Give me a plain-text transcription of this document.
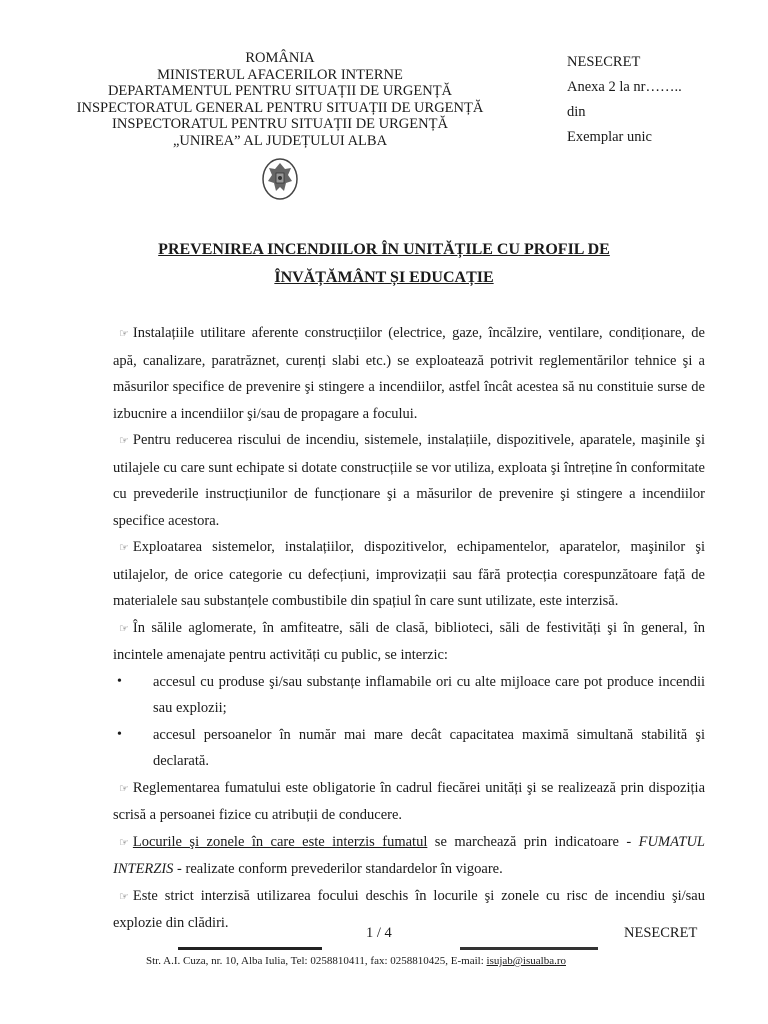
ROMÂNIA
MINISTERUL AFACERILOR INTERNE
DEPARTAMENTUL PENTRU SITUAȚII DE URGENȚĂ
INSPECTORATUL GENERAL PENTRU SITUAȚII DE URGENȚĂ
INSPECTORATUL PENTRU SITUAȚII DE URGENȚĂ
„UNIREA” AL JUDEȚULUI ALBA
NESECRET
Anexa 2 la nr……..
din
Exemplar unic
PREVENIREA INCENDIILOR ÎN UNITĂȚILE CU PROFIL DE
ÎNVĂȚĂMÂNT ȘI EDUCAȚIE

☞ Instalațiile utilitare aferente construcțiilor (electrice, gaze, încălzire, ventilare, condiționare, de apă, canalizare, paratrăznet, curenți slabi etc.) se exploatează potrivit reglementărilor tehnice şi a măsurilor specifice de prevenire şi stingere a incendiilor, astfel încât acestea să nu constituie surse de izbucnire a incendiilor şi/sau de propagare a focului.

☞ Pentru reducerea riscului de incendiu, sistemele, instalațiile, dispozitivele, aparatele, maşinile şi utilajele cu care sunt echipate si dotate construcțiile se vor utiliza, exploata şi întreține în conformitate cu prevederile instrucțiunilor de funcționare şi a măsurilor de prevenire şi stingere a incendiilor specifice acestora.

☞ Exploatarea sistemelor, instalațiilor, dispozitivelor, echipamentelor, aparatelor, maşinilor şi utilajelor, de orice categorie cu defecțiuni, improvizații sau fără protecția corespunzătoare față de materialele sau substanțele combustibile din spațiul în care sunt utilizate, este interzisă.

☞ În sălile aglomerate, în amfiteatre, săli de clasă, biblioteci, săli de festivități şi în general, în incintele amenajate pentru activități cu public, se interzic:

• accesul cu produse şi/sau substanțe inflamabile ori cu alte mijloace care pot produce incendii sau explozii;

• accesul persoanelor în număr mai mare decât capacitatea maximă simultană stabilită şi declarată.

☞ Reglementarea fumatului este obligatorie în cadrul fiecărei unități şi se realizează prin dispoziția scrisă a persoanei fizice cu atribuții de conducere.

☞ Locurile şi zonele în care este interzis fumatul se marchează prin indicatoare - FUMATUL INTERZIS - realizate conform prevederilor standardelor în vigoare.

☞ Este strict interzisă utilizarea focului deschis în locurile şi zonele cu risc de incendiu şi/sau explozie din clădiri.

1 / 4	NESECRET
Str. A.I. Cuza, nr. 10, Alba Iulia, Tel: 0258810411, fax: 0258810425, E-mail: isujab@isualba.ro
